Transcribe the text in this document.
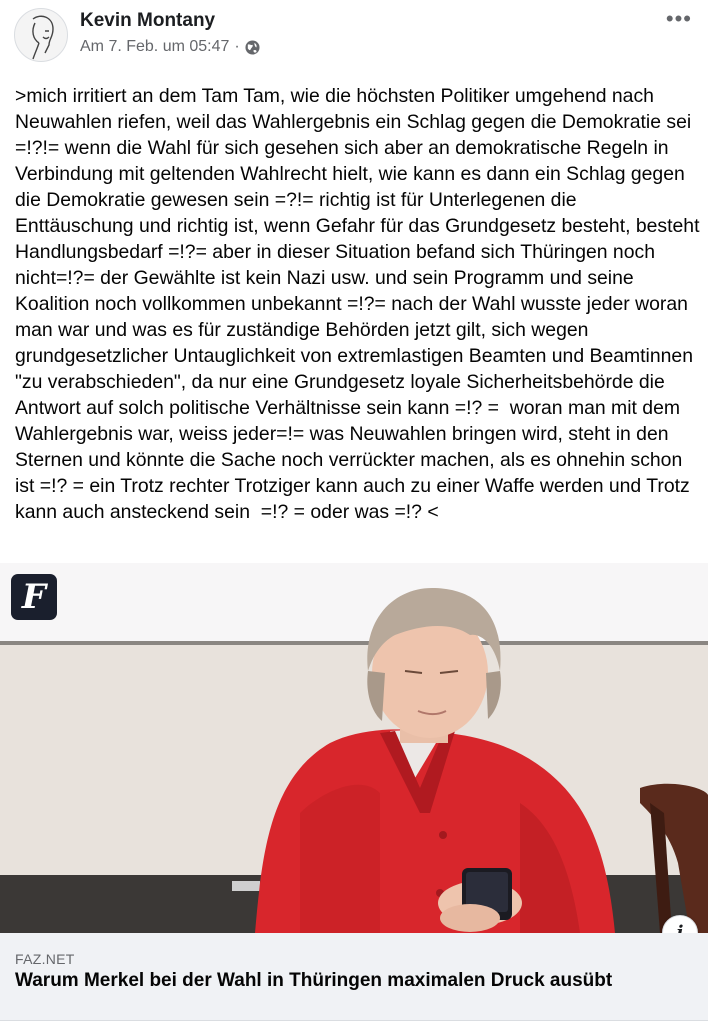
Kevin Montany
Am 7. Feb. um 05:47 ·
•••
>mich irritiert an dem Tam Tam, wie die höchsten Politiker umgehend nach Neuwahlen riefen, weil das Wahlergebnis ein Schlag gegen die Demokratie sei =!?!= wenn die Wahl für sich gesehen sich aber an demokratische Regeln in Verbindung mit geltenden Wahlrecht hielt, wie kann es dann ein Schlag gegen die Demokratie gewesen sein =?!= richtig ist für Unterlegenen die Enttäuschung und richtig ist, wenn Gefahr für das Grundgesetz besteht, besteht Handlungsbedarf =!?= aber in dieser Situation befand sich Thüringen noch nicht=!?= der Gewählte ist kein Nazi usw. und sein Programm und seine Koalition noch vollkommen unbekannt =!?= nach der Wahl wusste jeder woran man war und was es für zuständige Behörden jetzt gilt, sich wegen grundgesetzlicher Untauglichkeit von extremlastigen Beamten und Beamtinnen "zu verabschieden", da nur eine Grundgesetz loyale Sicherheitsbehörde die Antwort auf solch politische Verhältnisse sein kann =!? =  woran man mit dem Wahlergebnis war, weiss jeder=!= was Neuwahlen bringen wird, steht in den Sternen und könnte die Sache noch verrückter machen, als es ohnehin schon ist =!? = ein Trotz rechter Trotziger kann auch zu einer Waffe werden und Trotz kann auch ansteckend sein  =!? = oder was =!? <
F
FAZ.NET
Warum Merkel bei der Wahl in Thüringen maximalen Druck ausübt
